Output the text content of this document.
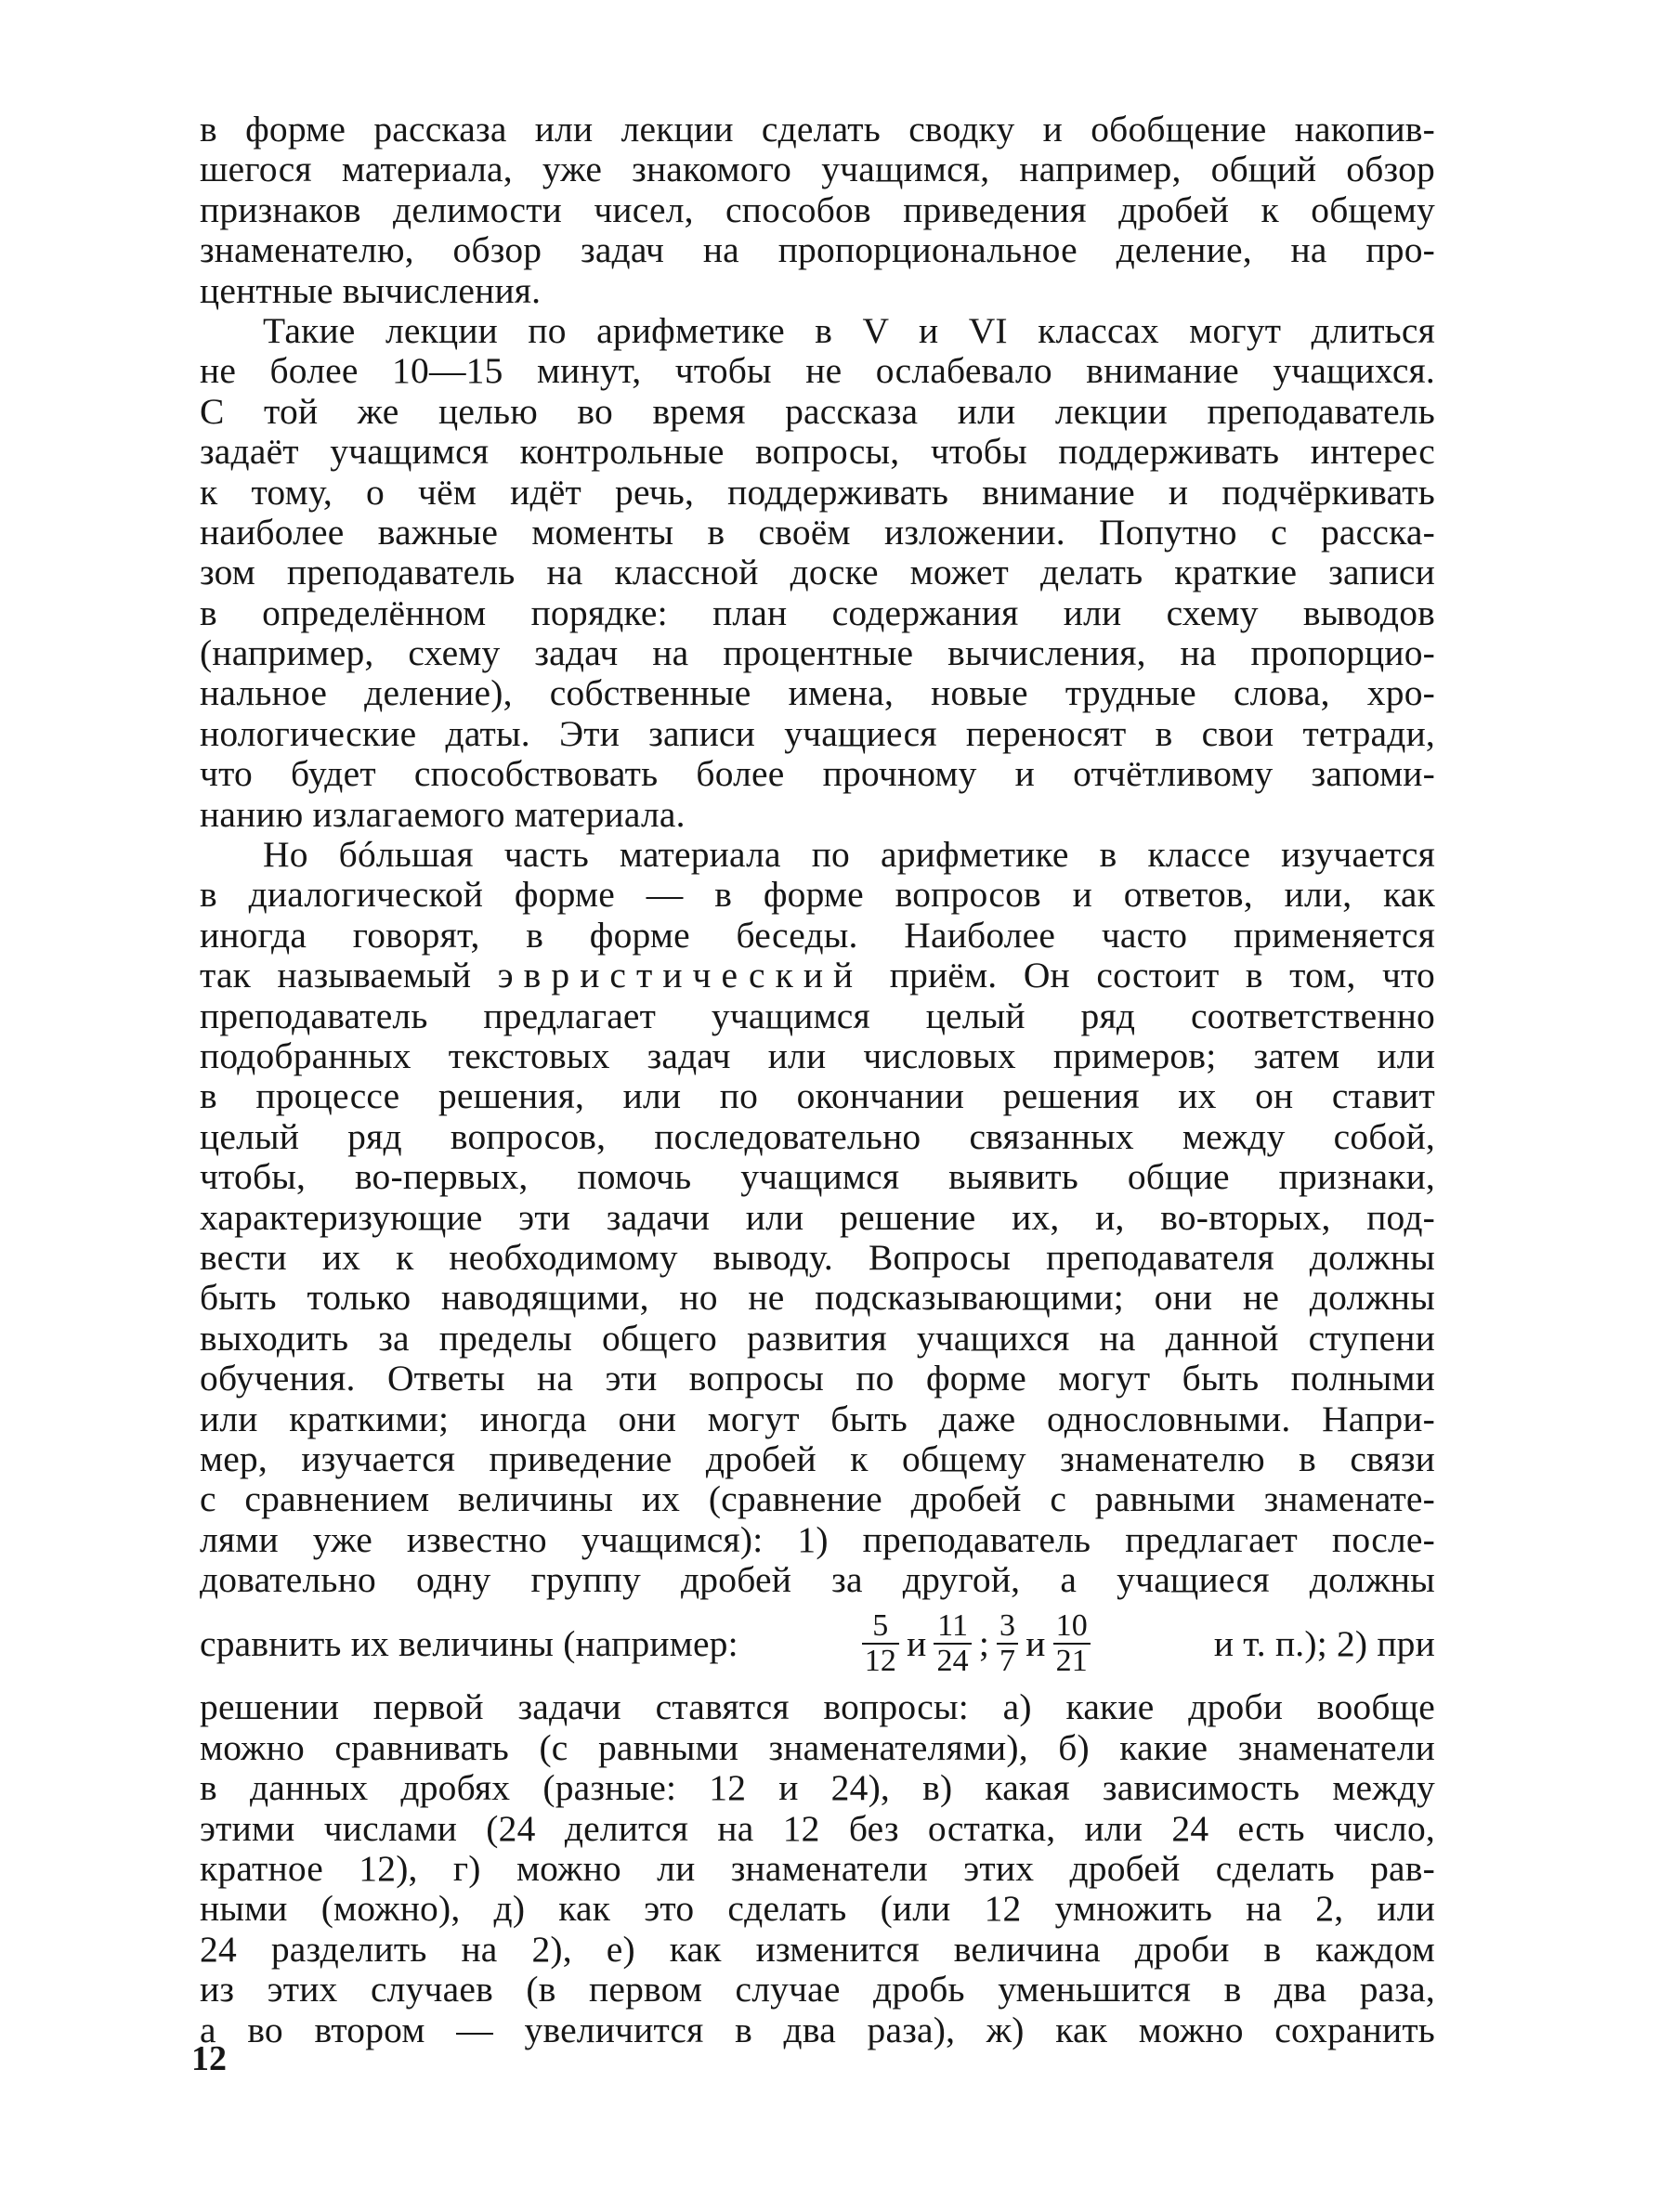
в форме рассказа или лекции сделать сводку и обобщение накопив-
шегося материала, уже знакомого учащимся, например, общий обзор
признаков делимости чисел, способов приведения дробей к общему
знаменателю, обзор задач на пропорциональное деление, на про-
центные вычисления.
Такие лекции по арифметике в V и VI классах могут длиться
не более 10—15 минут, чтобы не ослабевало внимание учащихся.
С той же целью во время рассказа или лекции преподаватель
задаёт учащимся контрольные вопросы, чтобы поддерживать интерес
к тому, о чём идёт речь, поддерживать внимание и подчёркивать
наиболее важные моменты в своём изложении. Попутно с расска-
зом преподаватель на классной доске может делать краткие записи
в определённом порядке: план содержания или схему выводов
(например, схему задач на процентные вычисления, на пропорцио-
нальное деление), собственные имена, новые трудные слова, хро-
нологические даты. Эти записи учащиеся переносят в свои тетради,
что будет способствовать более прочному и отчётливому запоми-
нанию излагаемого материала.
Но бóльшая часть материала по арифметике в классе изучается
в диалогической форме — в форме вопросов и ответов, или, как
иногда говорят, в форме беседы. Наиболее часто применяется
так называемый эвристический приём. Он состоит в том, что
преподаватель предлагает учащимся целый ряд соответственно
подобранных текстовых задач или числовых примеров; затем или
в процессе решения, или по окончании решения их он ставит
целый ряд вопросов, последовательно связанных между собой,
чтобы, во-первых, помочь учащимся выявить общие признаки,
характеризующие эти задачи или решение их, и, во-вторых, под-
вести их к необходимому выводу. Вопросы преподавателя должны
быть только наводящими, но не подсказывающими; они не должны
выходить за пределы общего развития учащихся на данной ступени
обучения. Ответы на эти вопросы по форме могут быть полными
или краткими; иногда они могут быть даже однословными. Напри-
мер, изучается приведение дробей к общему знаменателю в связи
с сравнением величины их (сравнение дробей с равными знаменате-
лями уже известно учащимся): 1) преподаватель предлагает после-
довательно одну группу дробей за другой, а учащиеся должны
сравнить их величины (например:	$\frac{5}{12}$ и $\frac{11}{24}$ ; $\frac{3}{7}$ и $\frac{10}{21}$	и т. п.); 2) при
решении первой задачи ставятся вопросы: а) какие дроби вообще
можно сравнивать (с равными знаменателями), б) какие знаменатели
в данных дробях (разные: 12 и 24), в) какая зависимость между
этими числами (24 делится на 12 без остатка, или 24 есть число,
кратное 12), г) можно ли знаменатели этих дробей сделать рав-
ными (можно), д) как это сделать (или 12 умножить на 2, или
24 разделить на 2), е) как изменится величина дроби в каждом
из этих случаев (в первом случае дробь уменьшится в два раза,
а во втором — увеличится в два раза), ж) как можно сохранить
12
